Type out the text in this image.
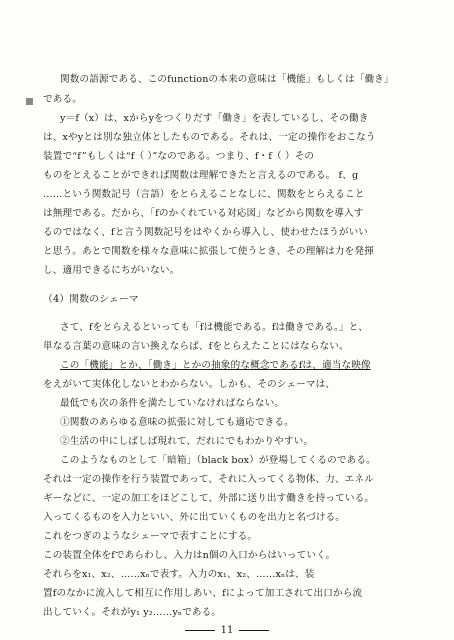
関数の語源である、このfunctionの本来の意味は「機能」もしくは「働き」
である。
y＝f（x）は、xからyをつくりだす「働き」を表しているし、その働き
は、xやyとは別な独立体としたものである。それは、一定の操作をおこなう
装置で“f”もしくは“f（ ）”なのである。つまり、f・f（ ）その
ものをとえることができれば関数は理解できたと言えるのである。 f、g
……という関数記号（言語）をとらえることなしに、関数をとらえること
は無理である。だから、「fのかくれている対応図」などから関数を導入す
るのではなく、fと言う関数記号をはやくから導入し、使わせたほうがいい
と思う。あとで関数を様々な意味に拡張して使うとき、その理解は力を発揮
し、適用できるにちがいない。
（4）関数のシェーマ
さて、fをとらえるといっても「fは機能である。fは働きである。」と、
単なる言葉の意味の言い換えならば、fをとらえたことにはならない。
この「機能」とか、「働き」とかの抽象的な概念であるfは、適当な映像
をえがいて実体化しないとわからない。しかも、そのシェーマは、
最低でも次の条件を満たしていなければならない。
①関数のあらゆる意味の拡張に対しても適応できる。
②生活の中にしばしば現れて、だれにでもわかりやすい。
このようなものとして「暗箱」（black box）が登場してくるのである。
それは一定の操作を行う装置であって、それに入ってくる物体、力、エネル
ギーなどに、一定の加工をほどこして、外部に送り出す働きを持っている。
入ってくるものを入力といい、外に出ていくものを出力と名づける。
これをつぎのようなシェーマで表すことにする。
この装置全体をfであらわし、入力はn個の入口からはいっていく。
それらをx₁、x₂、……xₙで表す。入力のx₁、x₂、……xₙは、装
置fのなかに流入して相互に作用しあい、fによって加工されて出口から流
出していく。それがy₁ y₂……yₙである。
11
